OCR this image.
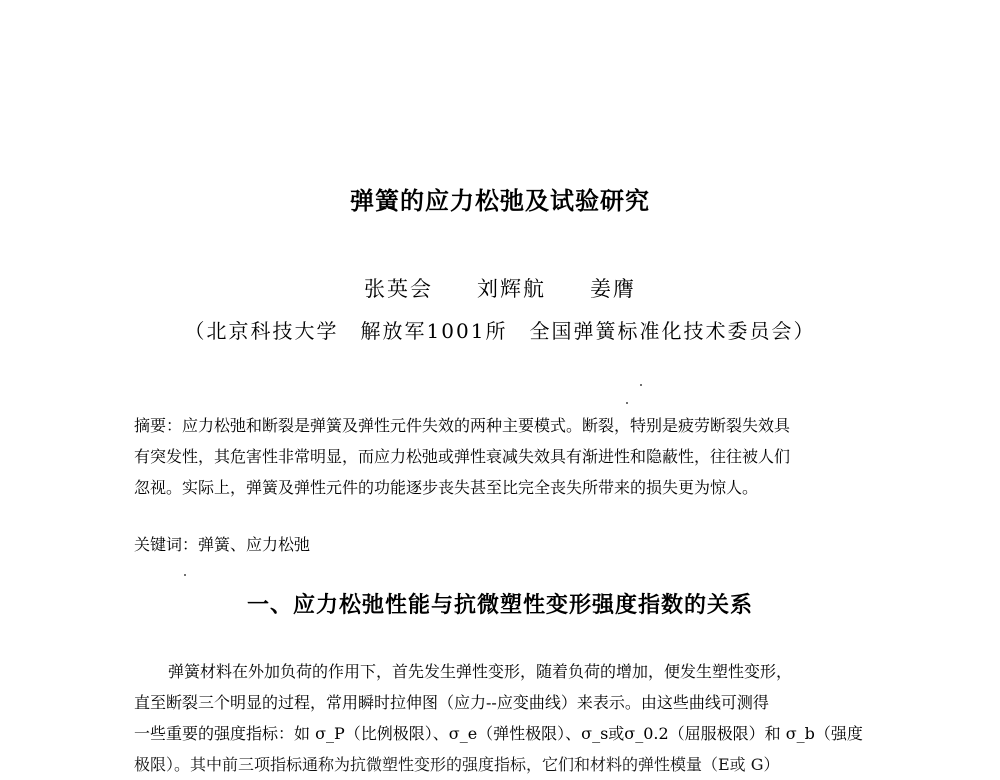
弹簧的应力松弛及试验研究
张英会 刘辉航 姜膺
（北京科技大学　解放军1001所　全国弹簧标准化技术委员会）
摘要：应力松弛和断裂是弹簧及弹性元件失效的两种主要模式。断裂，特别是疲劳断裂失效具
有突发性，其危害性非常明显，而应力松弛或弹性衰减失效具有渐进性和隐蔽性，往往被人们
忽视。实际上，弹簧及弹性元件的功能逐步丧失甚至比完全丧失所带来的损失更为惊人。
关键词：弹簧、应力松弛
一、应力松弛性能与抗微塑性变形强度指数的关系
弹簧材料在外加负荷的作用下，首先发生弹性变形，随着负荷的增加，便发生塑性变形，
直至断裂三个明显的过程，常用瞬时拉伸图（应力--应变曲线）来表示。由这些曲线可测得
一些重要的强度指标：如 σ_P（比例极限）、σ_e（弹性极限）、σ_s或σ_0.2（屈服极限）和 σ_b（强度
极限）。其中前三项指标通称为抗微塑性变形的强度指标，它们和材料的弹性模量（E或 G）
